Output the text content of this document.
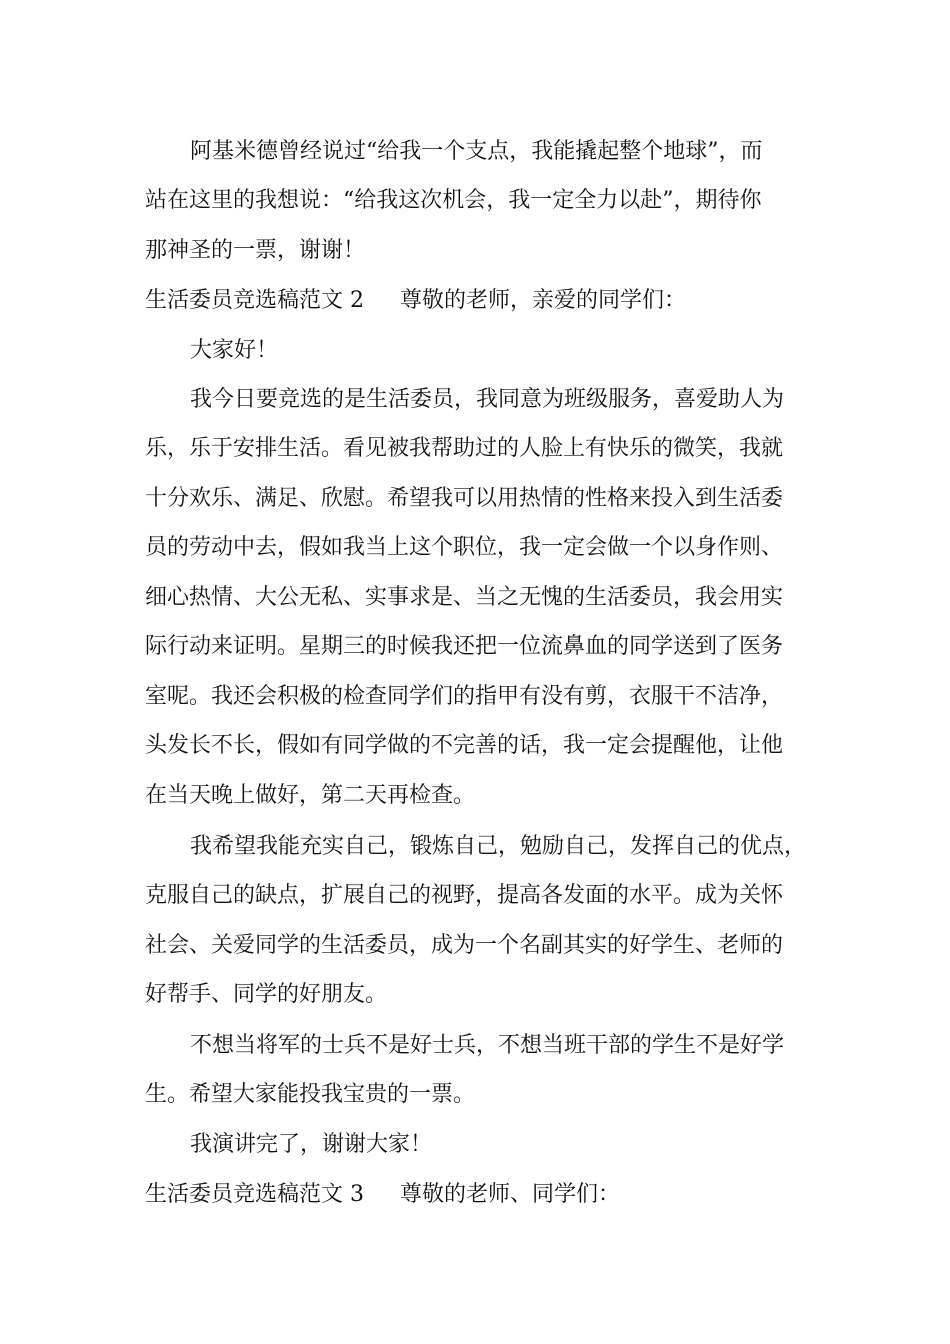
阿基米德曾经说过“给我一个支点，我能撬起整个地球”，而
站在这里的我想说：“给我这次机会，我一定全力以赴”，期待你
那神圣的一票，谢谢！
生活委员竞选稿范文 2 尊敬的老师，亲爱的同学们：
大家好！
我今日要竞选的是生活委员，我同意为班级服务，喜爱助人为
乐，乐于安排生活。看见被我帮助过的人脸上有快乐的微笑，我就
十分欢乐、满足、欣慰。希望我可以用热情的性格来投入到生活委
员的劳动中去，假如我当上这个职位，我一定会做一个以身作则、
细心热情、大公无私、实事求是、当之无愧的生活委员，我会用实
际行动来证明。星期三的时候我还把一位流鼻血的同学送到了医务
室呢。我还会积极的检查同学们的指甲有没有剪，衣服干不洁净，
头发长不长，假如有同学做的不完善的话，我一定会提醒他，让他
在当天晚上做好，第二天再检查。
我希望我能充实自己，锻炼自己，勉励自己，发挥自己的优点，
克服自己的缺点，扩展自己的视野，提高各发面的水平。成为关怀
社会、关爱同学的生活委员，成为一个名副其实的好学生、老师的
好帮手、同学的好朋友。
不想当将军的士兵不是好士兵，不想当班干部的学生不是好学
生。希望大家能投我宝贵的一票。
我演讲完了，谢谢大家！
生活委员竞选稿范文 3 尊敬的老师、同学们：
